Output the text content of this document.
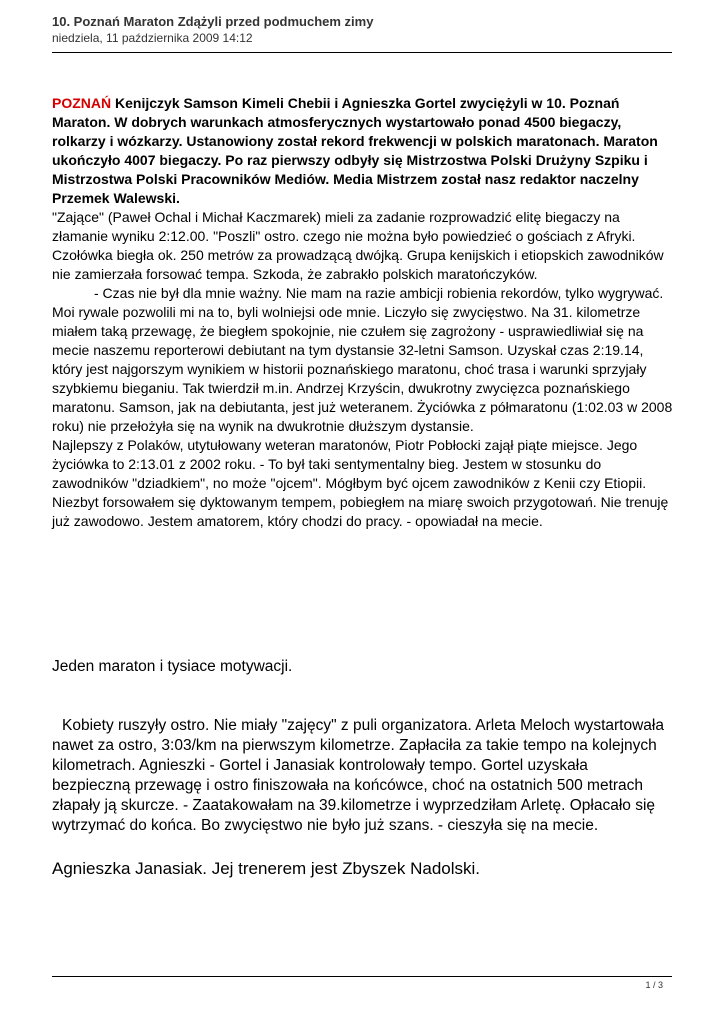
10. Poznań Maraton Zdążyli przed podmuchem zimy
niedziela, 11 października 2009 14:12

POZNAŃ Kenijczyk Samson Kimeli Chebii i Agnieszka Gortel zwyciężyli w 10. Poznań Maraton. W dobrych warunkach atmosferycznych wystartowało ponad 4500 biegaczy, rolkarzy i wózkarzy. Ustanowiony został rekord frekwencji w polskich maratonach. Maraton ukończyło 4007 biegaczy. Po raz pierwszy odbyły się Mistrzostwa Polski Drużyny Szpiku i Mistrzostwa Polski Pracowników Mediów. Media Mistrzem został nasz redaktor naczelny Przemek Walewski.

"Zające" (Paweł Ochal i Michał Kaczmarek) mieli za zadanie rozprowadzić elitę biegaczy na złamanie wyniku 2:12.00. "Poszli" ostro. czego nie można było powiedzieć o gościach z Afryki. Czołówka biegła ok. 250 metrów za prowadzącą dwójką. Grupa kenijskich i etiopskich zawodników nie zamierzała forsować tempa. Szkoda, że zabrakło polskich maratończyków.

- Czas nie był dla mnie ważny. Nie mam na razie ambicji robienia rekordów, tylko wygrywać. Moi rywale pozwolili mi na to, byli wolniejsi ode mnie. Liczyło się zwycięstwo. Na 31. kilometrze miałem taką przewagę, że biegłem spokojnie, nie czułem się zagrożony - usprawiedliwiał się na mecie naszemu reporterowi debiutant na tym dystansie 32-letni Samson. Uzyskał czas 2:19.14, który jest najgorszym wynikiem w historii poznańskiego maratonu, choć trasa i warunki sprzyjały szybkiemu bieganiu. Tak twierdził m.in. Andrzej Krzyścin, dwukrotny zwycięzca poznańskiego maratonu. Samson, jak na debiutanta, jest już weteranem. Życiówka z półmaratonu (1:02.03 w 2008 roku) nie przełożyła się na wynik na dwukrotnie dłuższym dystansie.

Najlepszy z Polaków, utytułowany weteran maratonów, Piotr Pobłocki zajął piąte miejsce. Jego życiówka to 2:13.01 z 2002 roku. - To był taki sentymentalny bieg. Jestem w stosunku do zawodników "dziadkiem", no może "ojcem". Mógłbym być ojcem zawodników z Kenii czy Etiopii. Niezbyt forsowałem się dyktowanym tempem, pobiegłem na miarę swoich przygotowań. Nie trenuję już zawodowo. Jestem amatorem, który chodzi do pracy. - opowiadał na mecie.

Jeden maraton i tysiace motywacji.

Kobiety ruszyły ostro. Nie miały "zajęcy" z puli organizatora. Arleta Meloch wystartowała nawet za ostro, 3:03/km na pierwszym kilometrze. Zapłaciła za takie tempo na kolejnych kilometrach. Agnieszki - Gortel i Janasiak kontrolowały tempo. Gortel uzyskała bezpieczną przewagę i ostro finiszowała na końcówce, choć na ostatnich 500 metrach złapały ją skurcze. - Zaatakowałam na 39.kilometrze i wyprzedziłam Arletę. Opłacało się wytrzymać do końca. Bo zwycięstwo nie było już szans. - cieszyła się na mecie.

Agnieszka Janasiak. Jej trenerem jest Zbyszek Nadolski.
1 / 3
